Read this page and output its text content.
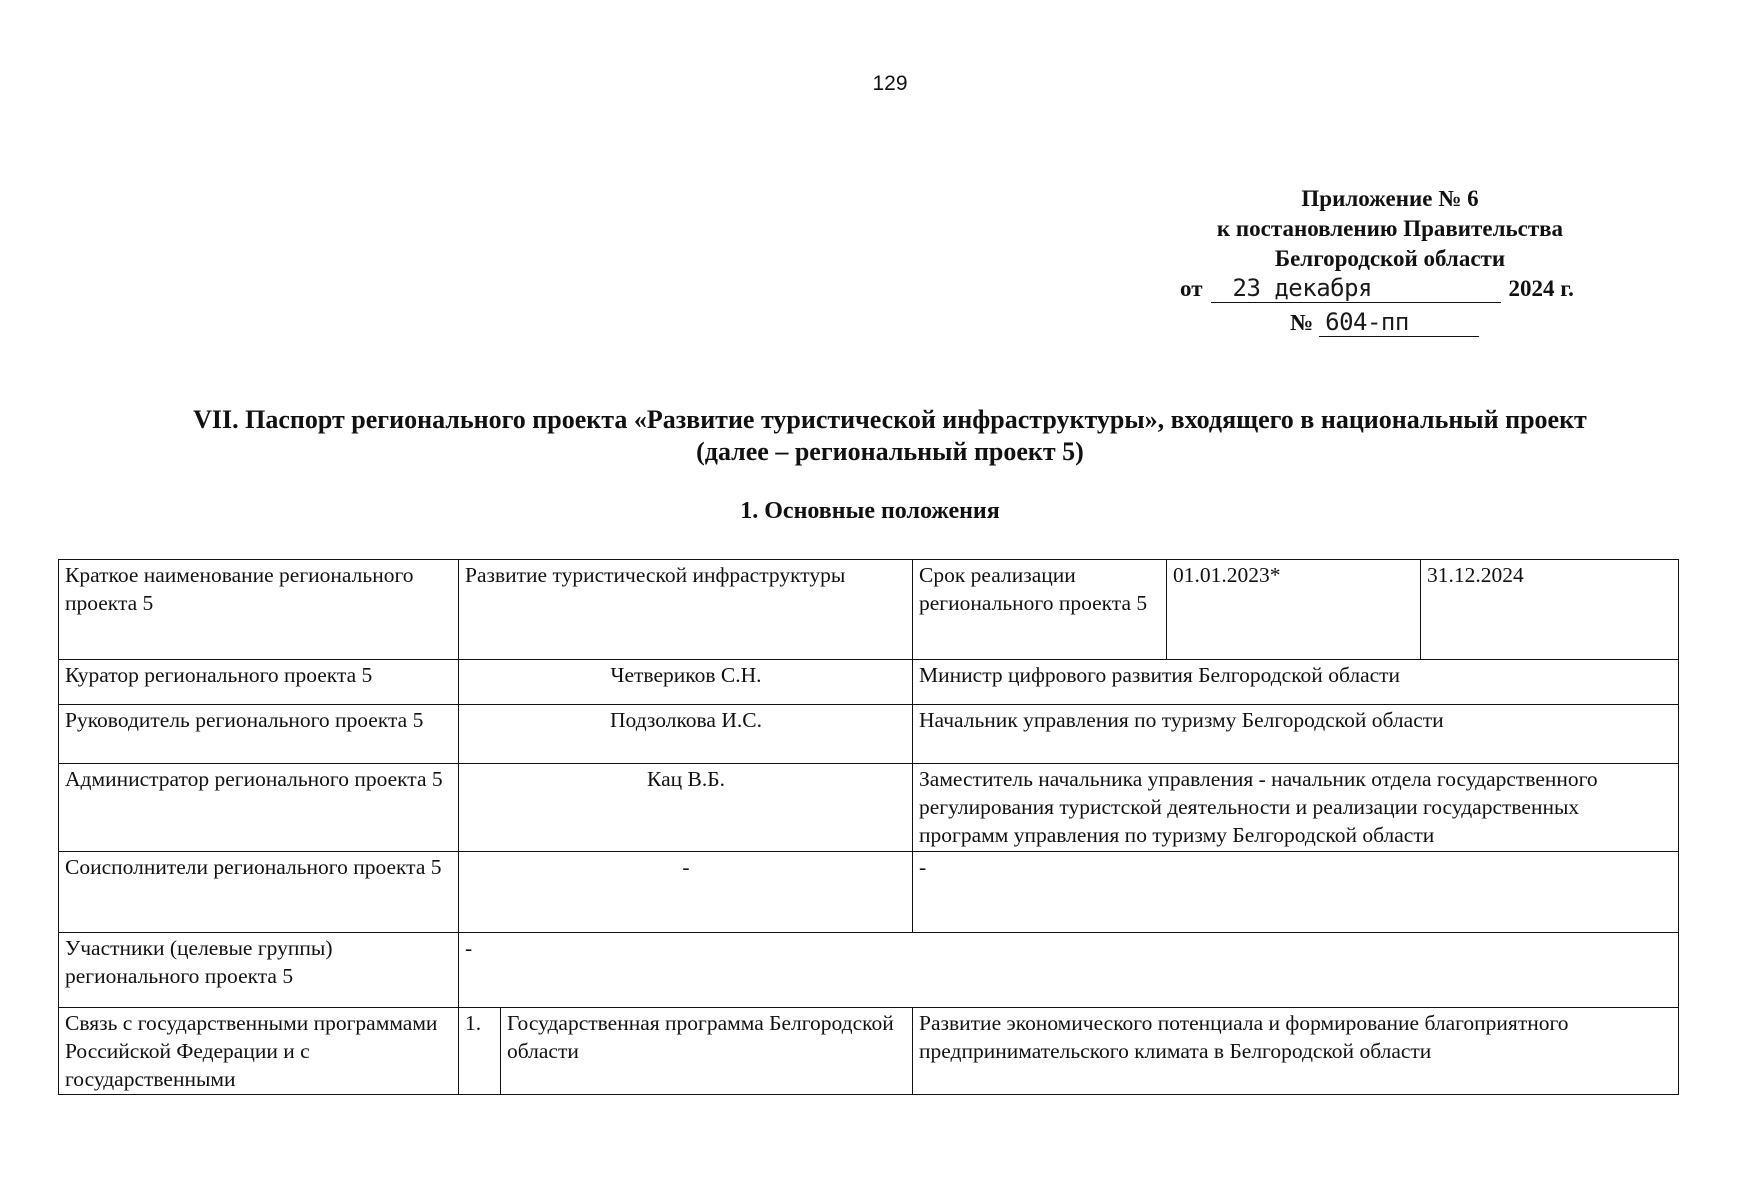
129
Приложение № 6
к постановлению Правительства
Белгородской области
от 23 декабря	2024 г.
№ 604-пп
VII. Паспорт регионального проекта «Развитие туристической инфраструктуры», входящего в национальный проект
(далее – региональный проект 5)
1. Основные положения
Краткое наименование регионального проекта 5	Развитие туристической инфраструктуры		Срок реализации регионального проекта 5	01.01.2023*	31.12.2024
Куратор регионального проекта 5	Четвериков С.Н.		Министр цифрового развития Белгородской области		
Руководитель регионального проекта 5	Подзолкова И.С.		Начальник управления по туризму Белгородской области		
Администратор регионального проекта 5	Кац В.Б.		Заместитель начальника управления - начальник отдела государственного регулирования туристской деятельности и реализации государственных программ управления по туризму Белгородской области		
Соисполнители регионального проекта 5	-		-		
Участники (целевые группы) регионального проекта 5	-				
Связь с государственными программами Российской Федерации и с государственными	1.	Государственная программа Белгородской области	Развитие экономического потенциала и формирование благоприятного предпринимательского климата в Белгородской области		
